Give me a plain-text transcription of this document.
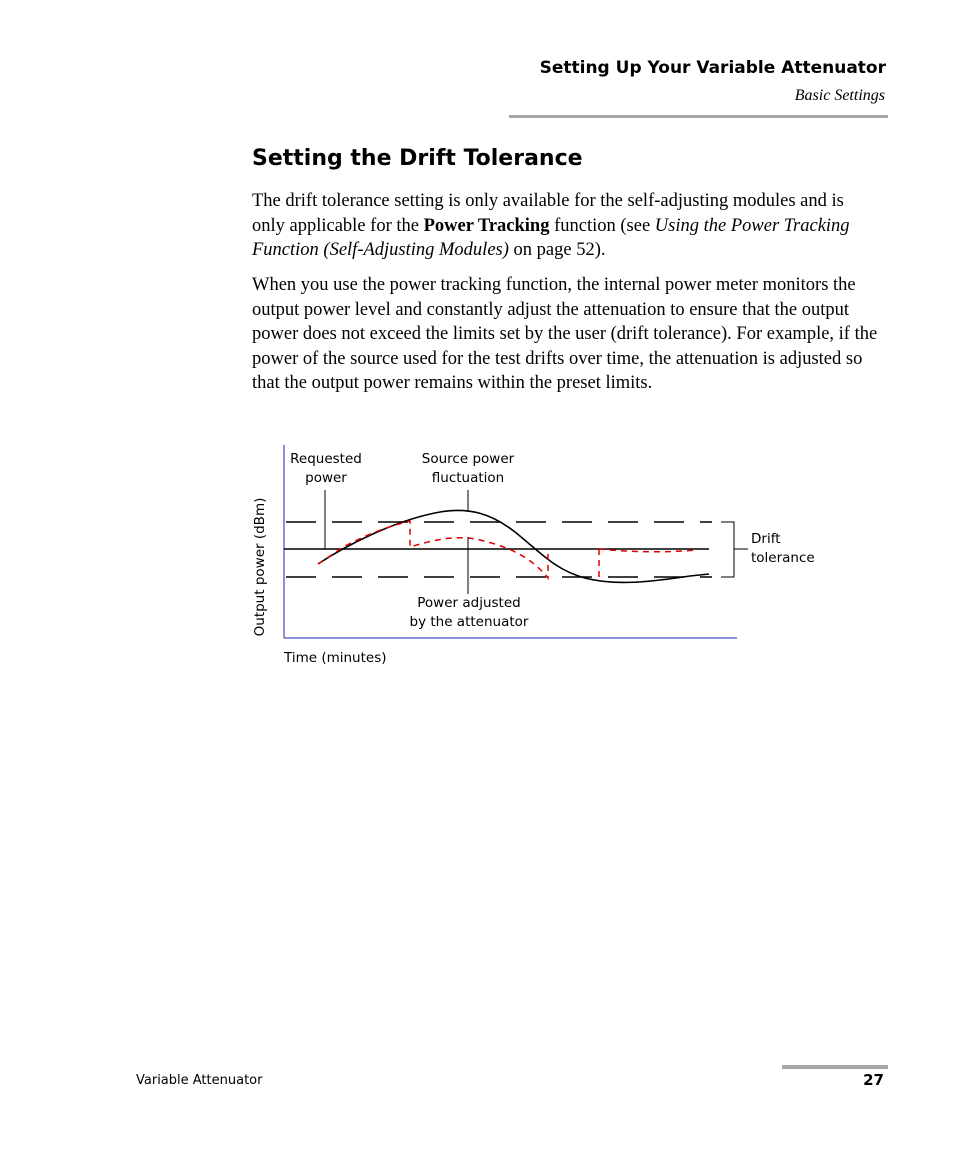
Setting Up Your Variable Attenuator
Basic Settings
Setting the Drift Tolerance

The drift tolerance setting is only available for the self-adjusting modules and is only applicable for the Power Tracking function (see Using the Power Tracking Function (Self-Adjusting Modules) on page 52).

When you use the power tracking function, the internal power meter monitors the output power level and constantly adjust the attenuation to ensure that the output power does not exceed the limits set by the user (drift tolerance). For example, if the power of the source used for the test drifts over time, the attenuation is adjusted so that the output power remains within the preset limits.

Requested
power
Source power
fluctuation
Drift
tolerance
Power adjusted
by the attenuator
Time (minutes)
Output power (dBm)
Variable Attenuator	27
